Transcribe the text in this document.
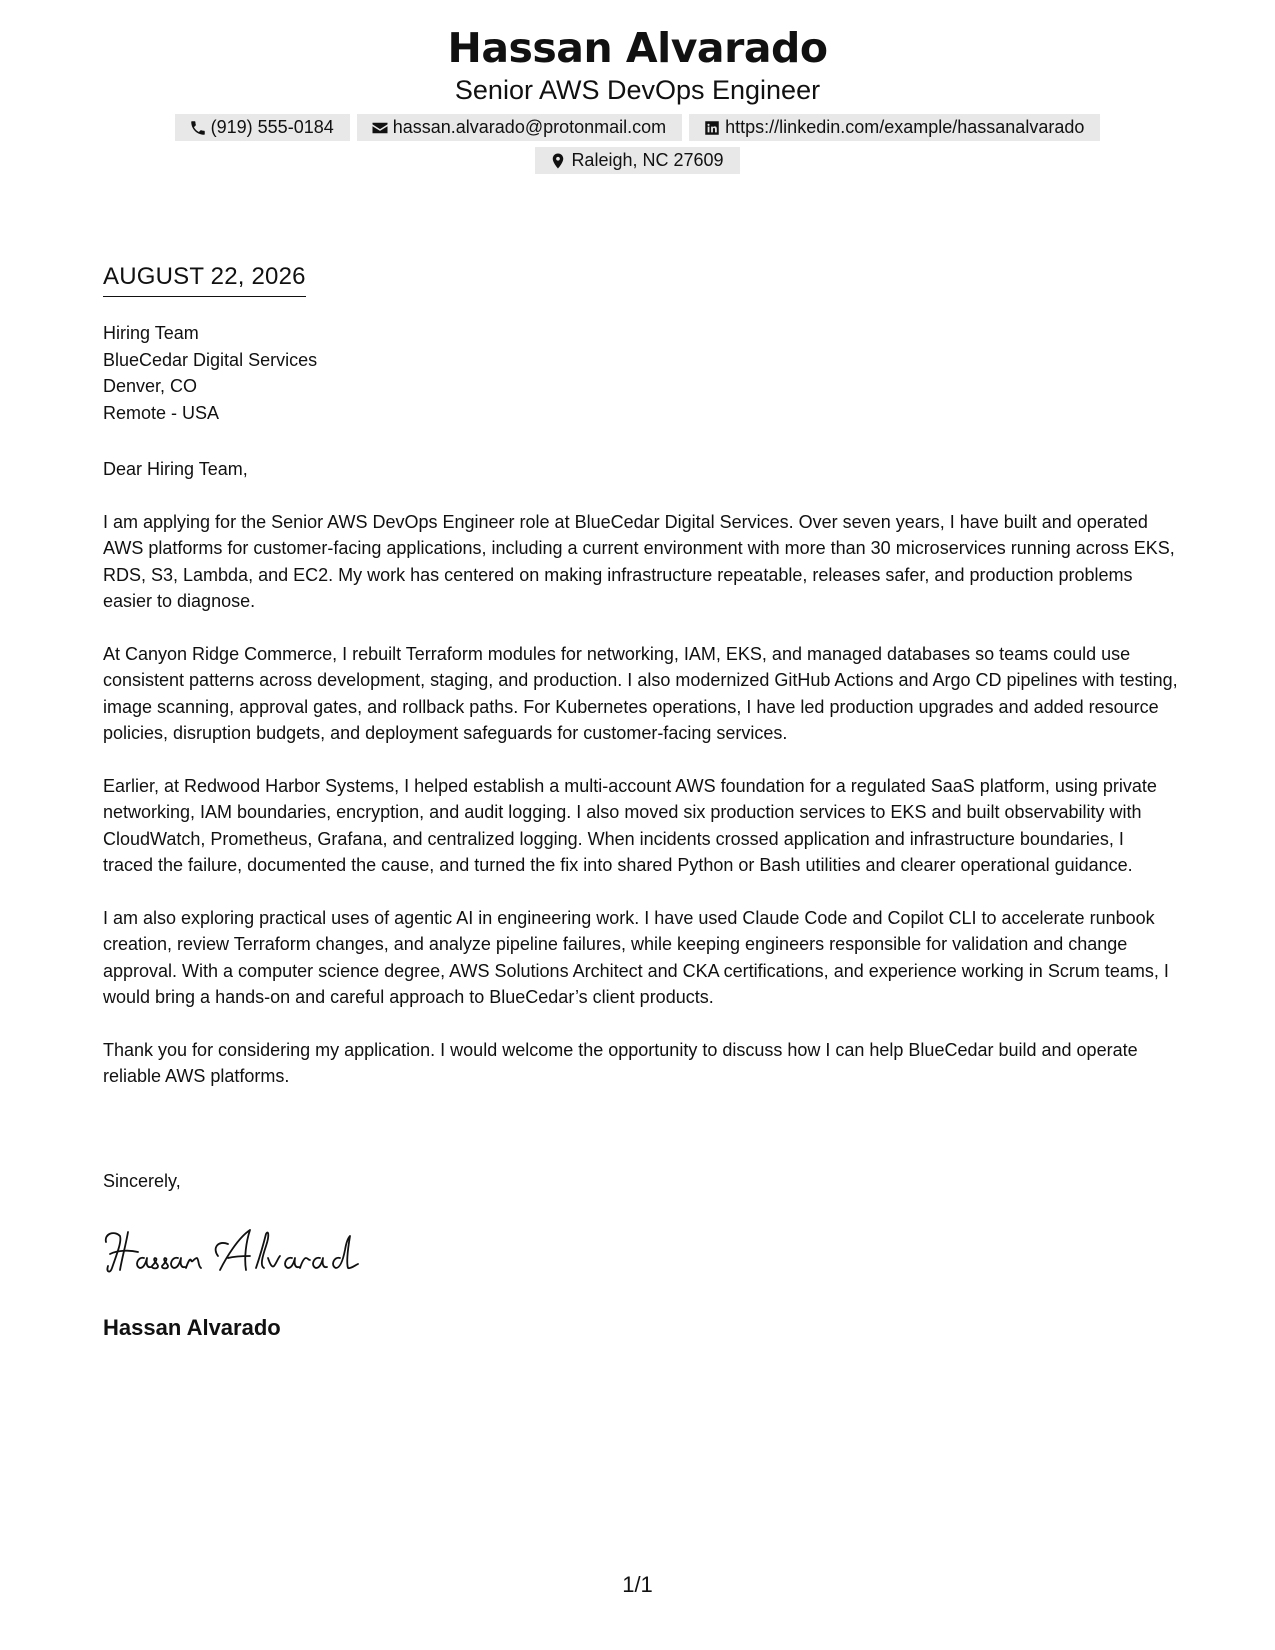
Hassan Alvarado
Senior AWS DevOps Engineer
(919) 555-0184	hassan.alvarado@protonmail.com	https://linkedin.com/example/hassanalvarado
Raleigh, NC 27609
AUGUST 22, 2026
Hiring Team
BlueCedar Digital Services
Denver, CO
Remote - USA

Dear Hiring Team,

I am applying for the Senior AWS DevOps Engineer role at BlueCedar Digital Services. Over seven years, I have built and operated AWS platforms for customer-facing applications, including a current environment with more than 30 microservices running across EKS, RDS, S3, Lambda, and EC2. My work has centered on making infrastructure repeatable, releases safer, and production problems easier to diagnose.

At Canyon Ridge Commerce, I rebuilt Terraform modules for networking, IAM, EKS, and managed databases so teams could use consistent patterns across development, staging, and production. I also modernized GitHub Actions and Argo CD pipelines with testing, image scanning, approval gates, and rollback paths. For Kubernetes operations, I have led production upgrades and added resource policies, disruption budgets, and deployment safeguards for customer-facing services.

Earlier, at Redwood Harbor Systems, I helped establish a multi-account AWS foundation for a regulated SaaS platform, using private networking, IAM boundaries, encryption, and audit logging. I also moved six production services to EKS and built observability with CloudWatch, Prometheus, Grafana, and centralized logging. When incidents crossed application and infrastructure boundaries, I traced the failure, documented the cause, and turned the fix into shared Python or Bash utilities and clearer operational guidance.

I am also exploring practical uses of agentic AI in engineering work. I have used Claude Code and Copilot CLI to accelerate runbook creation, review Terraform changes, and analyze pipeline failures, while keeping engineers responsible for validation and change approval. With a computer science degree, AWS Solutions Architect and CKA certifications, and experience working in Scrum teams, I would bring a hands-on and careful approach to BlueCedar’s client products.

Thank you for considering my application. I would welcome the opportunity to discuss how I can help BlueCedar build and operate reliable AWS platforms.

Sincerely,
Hassan Alvarado
1/1
